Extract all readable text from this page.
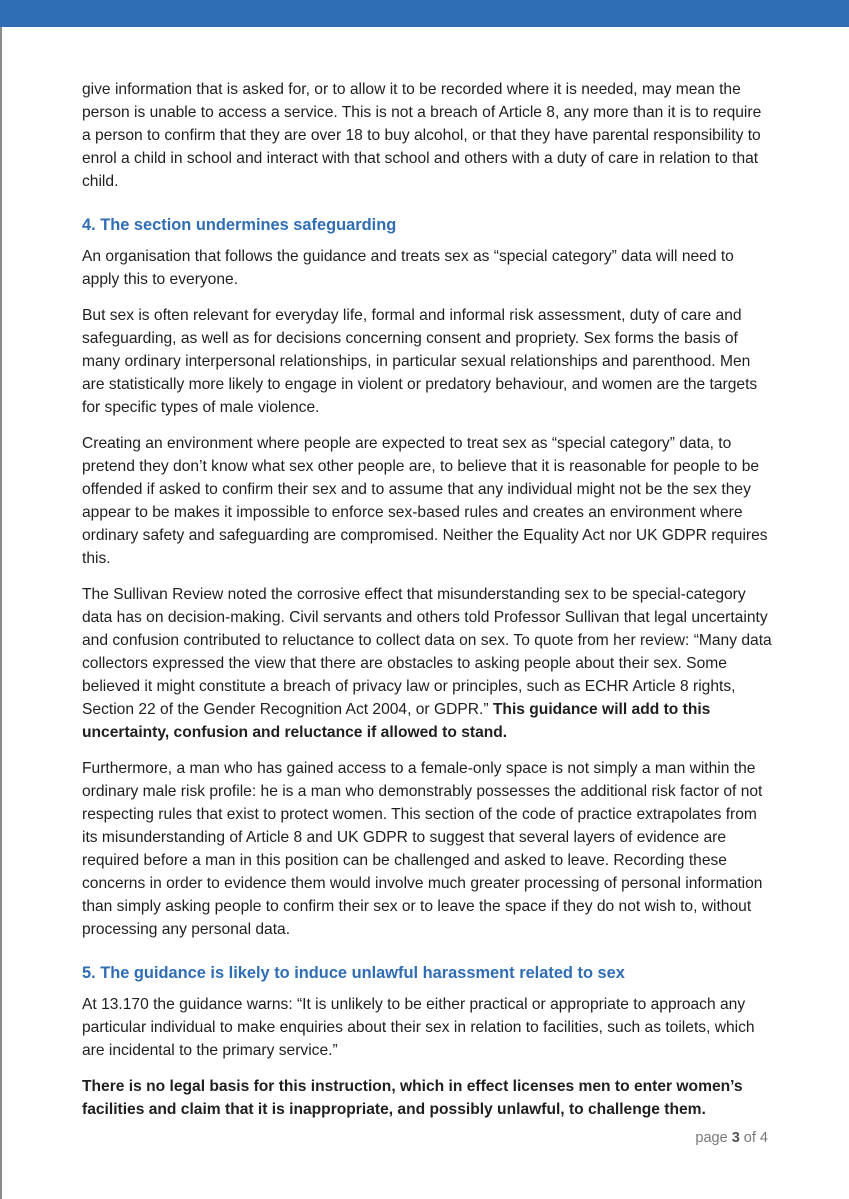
give information that is asked for, or to allow it to be recorded where it is needed, may mean the person is unable to access a service. This is not a breach of Article 8, any more than it is to require a person to confirm that they are over 18 to buy alcohol, or that they have parental responsibility to enrol a child in school and interact with that school and others with a duty of care in relation to that child.

4. The section undermines safeguarding

An organisation that follows the guidance and treats sex as “special category” data will need to apply this to everyone.

But sex is often relevant for everyday life, formal and informal risk assessment, duty of care and safeguarding, as well as for decisions concerning consent and propriety. Sex forms the basis of many ordinary interpersonal relationships, in particular sexual relationships and parenthood. Men are statistically more likely to engage in violent or predatory behaviour, and women are the targets for specific types of male violence.

Creating an environment where people are expected to treat sex as “special category” data, to pretend they don’t know what sex other people are, to believe that it is reasonable for people to be offended if asked to confirm their sex and to assume that any individual might not be the sex they appear to be makes it impossible to enforce sex-based rules and creates an environment where ordinary safety and safeguarding are compromised. Neither the Equality Act nor UK GDPR requires this.

The Sullivan Review noted the corrosive effect that misunderstanding sex to be special-category data has on decision-making. Civil servants and others told Professor Sullivan that legal uncertainty and confusion contributed to reluctance to collect data on sex. To quote from her review: “Many data collectors expressed the view that there are obstacles to asking people about their sex. Some believed it might constitute a breach of privacy law or principles, such as ECHR Article 8 rights, Section 22 of the Gender Recognition Act 2004, or GDPR.” This guidance will add to this uncertainty, confusion and reluctance if allowed to stand.

Furthermore, a man who has gained access to a female-only space is not simply a man within the ordinary male risk profile: he is a man who demonstrably possesses the additional risk factor of not respecting rules that exist to protect women. This section of the code of practice extrapolates from its misunderstanding of Article 8 and UK GDPR to suggest that several layers of evidence are required before a man in this position can be challenged and asked to leave. Recording these concerns in order to evidence them would involve much greater processing of personal information than simply asking people to confirm their sex or to leave the space if they do not wish to, without processing any personal data.

5. The guidance is likely to induce unlawful harassment related to sex

At 13.170 the guidance warns: “It is unlikely to be either practical or appropriate to approach any particular individual to make enquiries about their sex in relation to facilities, such as toilets, which are incidental to the primary service.”

There is no legal basis for this instruction, which in effect licenses men to enter women’s facilities and claim that it is inappropriate, and possibly unlawful, to challenge them.

page 3 of 4
